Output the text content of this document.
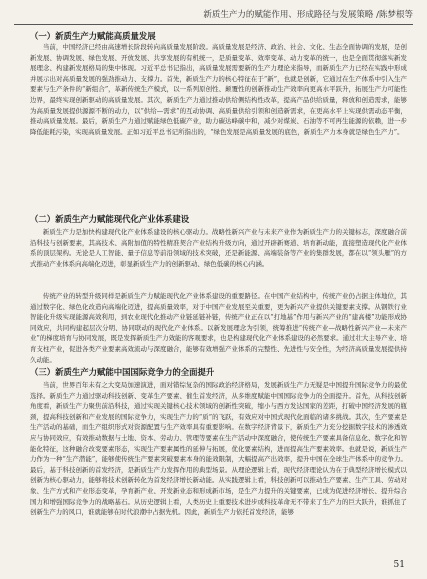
新质生产力的赋能作用、形成路径与发展策略 /陈梦根等

（一）新质生产力赋能高质量发展

当前，中国经济已经由高速增长阶段转向高质量发展阶段。高质量发展是经济、政治、社会、文化、生态全面协调的发展，是创新发展、协调发展、绿色发展、开放发展、共享发展的有机统一，是质量变革、效率变革、动力变革的统一，也是全面贯彻落实新发展理念、构建新发展格局的集中体现。习近平总书记指出，高质量发展需要新的生产力理论来指导，而新质生产力已经在实践中形成并展示出对高质量发展的强劲推动力、支撑力。首先，新质生产力的核心特征在于“新”，也就是创新，它通过在生产体系中引入生产要素与生产条件的“新组合”，革新传统生产模式，以一系列原创性、颠覆性的创新推动生产效率向更高水平跃升，拓展生产力可能性边界，最终实现创新驱动的高质量发展。其次，新质生产力通过推动供给侧结构性改革，提高产品供给质量，释放和创造需求，能够为高质量发展提供源源不断的动力，以“供给—需求”的互动协调、高质量供给引领和创造新需求，在更高水平上实现供需动态平衡，推动高质量发展。最后，新质生产力通过赋能绿色低碳产业，助力碳达峰碳中和，减少对煤炭、石油等不可再生能源的依赖，进一步降低能耗污染，实现高质量发展。正如习近平总书记所指出的，“绿色发展是高质量发展的底色，新质生产力本身就是绿色生产力”。

（二）新质生产力赋能现代化产业体系建设

新质生产力是加快构建现代化产业体系建设的核心驱动力。战略性新兴产业与未来产业作为新质生产力的关键标志，深度融合前沿科技与创新要素，其高技术、高附加值的特性精准契合产业结构升级方向，通过开辟新赛道、培育新动能，直接塑造现代化产业体系的顶层架构。无论是人工智能、量子信息等前沿领域的技术突破，还是新能源、高端装备等产业的集群发展，都在以“领头雁”的方式推动产业体系向高端化迈进，彰显新质生产力的创新驱动、绿色低碳的核心内涵。

传统产业的转型升级同样是新质生产力赋能现代化产业体系建设的重要路径。在中国产业结构中，传统产业仍占据主体地位，其通过数字化、绿色化改造向高端化迈进，提高质量效率，对于中国产业发展至关重要，更为新兴产业提供关键要素支撑。从钢铁行业智能化升级实现能源高效利用，到农业现代化推动产业链延链补链，传统产业正在以“打地基”作用与新兴产业的“建高楼”功能形成协同效应，共同构建起层次分明、协同联动的现代化产业体系。以新发展理念为引领，统筹推进“传统产业—战略性新兴产业—未来产业”的梯度培育与协同发展，既是发挥新质生产力效能的客观要求，也是构建现代化产业体系建设的必然要求。通过壮大主导产业、培育支柱产业，促进各类产业要素高效流动与深度融合，能够有效增强产业体系的完整性、先进性与安全性，为经济高质量发展提供持久动能。

（三）新质生产力赋能中国国际竞争力的全面提升

当前，世界百年未有之大变局加速演进，面对错综复杂的国际政治经济格局，发展新质生产力无疑是中国提升国际竞争力的最优选择。新质生产力通过驱动科技创新、变革生产要素、催生首发经济，从多维度赋能中国国际竞争力的全面提升。首先，从科技创新角度看，新质生产力聚焦前沿科技，通过实现关键核心技术领域的创新性突破，缩小与西方发达国家的差距，打破中国经济发展的瓶颈，提高科技创新和产业发展的国际竞争力，实现生产力的“质”的飞跃，有效应对中国式现代化面临的诸多挑战。其次，生产要素是生产活动的基础，而生产组织形式对资源配置与生产效率具有重要影响。在数字经济背景下，新质生产力充分挖掘数字技术的渗透效应与协同效应，有效推动数据与土地、资本、劳动力、管理等要素在生产活动中深度融合，使传统生产要素具备信息化、数字化和智能化特征，这种融合改变要素形态，实现生产要素属性的延伸与拓展，优化要素结构，进而提高生产要素效率。也就是说，新质生产力作为一种“生产潜能”，能够使传统生产要素突破要素本身的能效限制，大幅提高产出效率，提升中国在全球生产体系中的竞争力。最后，基于科技创新的首发经济，是新质生产力发挥作用的典型场景。从理论逻辑上看，现代经济理论认为在于典型经济增长模式以创新为核心驱动力，能够将技术创新转化为首发经济增长新动能。从实践逻辑上看，科技创新可以推动生产要素、生产工具、劳动对象、生产方式和产业形态变革，孕育新产业、开发新业态和形成新市场，是生产力提升的关键要素，已成为促进经济增长、提升综合国力和增强国际竞争力的战略基石。从历史逻辑上看，人类历史上重要技术进步或科技革命无不带来了生产力的巨大跃升，谁抓住了创新生产力的风口，谁就能够在时代浪潮中占据先机。因此，新质生产力依托首发经济，能够

51
